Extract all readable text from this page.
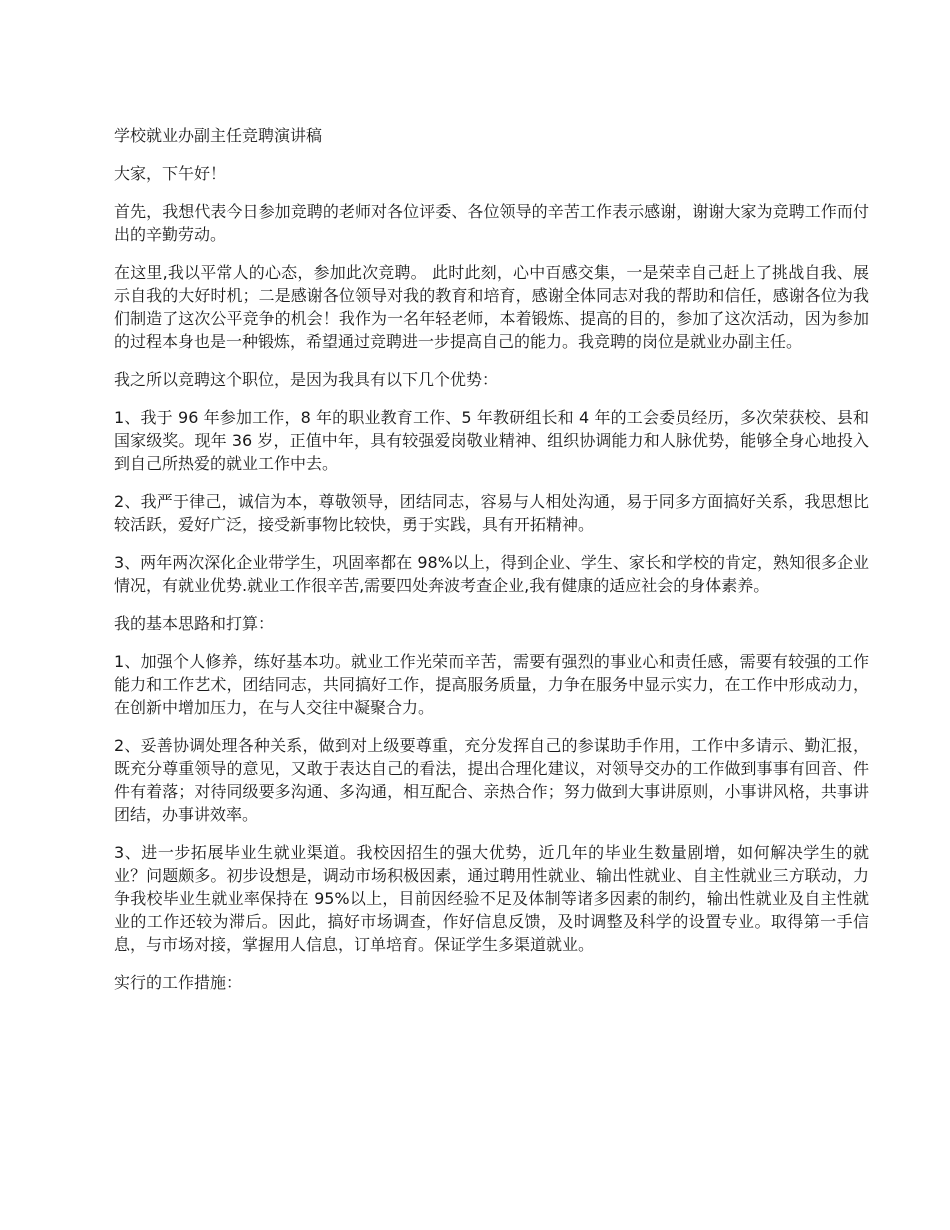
学校就业办副主任竞聘演讲稿

大家，下午好！

首先，我想代表今日参加竞聘的老师对各位评委、各位领导的辛苦工作表示感谢，谢谢大家为竞聘工作而付出的辛勤劳动。

在这里,我以平常人的心态，参加此次竞聘。 此时此刻，心中百感交集，一是荣幸自己赶上了挑战自我、展示自我的大好时机；二是感谢各位领导对我的教育和培育，感谢全体同志对我的帮助和信任，感谢各位为我们制造了这次公平竞争的机会！我作为一名年轻老师，本着锻炼、提高的目的，参加了这次活动，因为参加的过程本身也是一种锻炼，希望通过竞聘进一步提高自己的能力。我竞聘的岗位是就业办副主任。

我之所以竞聘这个职位，是因为我具有以下几个优势：

1、我于 96 年参加工作，8 年的职业教育工作、5 年教研组长和 4 年的工会委员经历，多次荣获校、县和国家级奖。现年 36 岁，正值中年，具有较强爱岗敬业精神、组织协调能力和人脉优势，能够全身心地投入到自己所热爱的就业工作中去。

2、我严于律己，诚信为本，尊敬领导，团结同志，容易与人相处沟通，易于同多方面搞好关系，我思想比较活跃，爱好广泛，接受新事物比较快，勇于实践，具有开拓精神。

3、两年两次深化企业带学生，巩固率都在 98%以上，得到企业、学生、家长和学校的肯定，熟知很多企业情况，有就业优势.就业工作很辛苦,需要四处奔波考查企业,我有健康的适应社会的身体素养。

我的基本思路和打算：

1、加强个人修养，练好基本功。就业工作光荣而辛苦，需要有强烈的事业心和责任感，需要有较强的工作能力和工作艺术，团结同志，共同搞好工作，提高服务质量，力争在服务中显示实力，在工作中形成动力，在创新中增加压力，在与人交往中凝聚合力。

2、妥善协调处理各种关系，做到对上级要尊重，充分发挥自己的参谋助手作用，工作中多请示、勤汇报，既充分尊重领导的意见，又敢于表达自己的看法，提出合理化建议，对领导交办的工作做到事事有回音、件件有着落；对待同级要多沟通、多沟通，相互配合、亲热合作；努力做到大事讲原则，小事讲风格，共事讲团结，办事讲效率。

3、进一步拓展毕业生就业渠道。我校因招生的强大优势，近几年的毕业生数量剧增，如何解决学生的就业？问题颇多。初步设想是，调动市场积极因素，通过聘用性就业、输出性就业、自主性就业三方联动，力争我校毕业生就业率保持在 95%以上，目前因经验不足及体制等诸多因素的制约，输出性就业及自主性就业的工作还较为滞后。因此，搞好市场调查，作好信息反馈，及时调整及科学的设置专业。取得第一手信息，与市场对接，掌握用人信息，订单培育。保证学生多渠道就业。

实行的工作措施：
